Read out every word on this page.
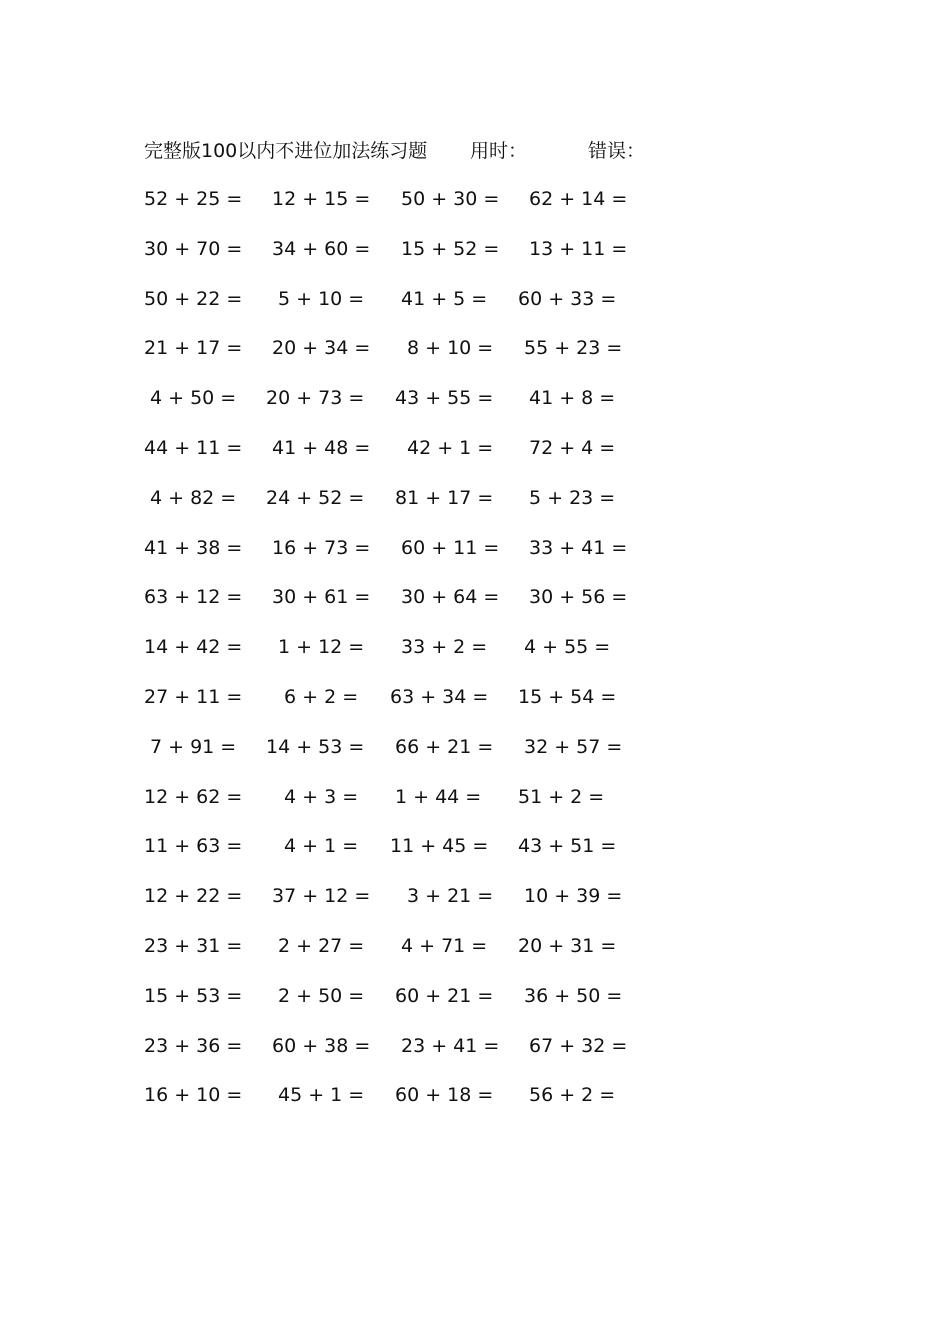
完整版100以内不进位加法练习题 用时：	错误：
52 + 25 = 12 + 15 = 50 + 30 = 62 + 14 =
30 + 70 = 34 + 60 = 15 + 52 = 13 + 11 =
50 + 22 = 5 + 10 = 41 + 5 = 60 + 33 =
21 + 17 = 20 + 34 = 8 + 10 = 55 + 23 =
4 + 50 = 20 + 73 = 43 + 55 = 41 + 8 =
44 + 11 = 41 + 48 = 42 + 1 = 72 + 4 =
4 + 82 = 24 + 52 = 81 + 17 = 5 + 23 =
41 + 38 = 16 + 73 = 60 + 11 = 33 + 41 =
63 + 12 = 30 + 61 = 30 + 64 = 30 + 56 =
14 + 42 = 1 + 12 = 33 + 2 = 4 + 55 =
27 + 11 = 6 + 2 = 63 + 34 = 15 + 54 =
7 + 91 = 14 + 53 = 66 + 21 = 32 + 57 =
12 + 62 = 4 + 3 = 1 + 44 = 51 + 2 =
11 + 63 = 4 + 1 = 11 + 45 = 43 + 51 =
12 + 22 = 37 + 12 = 3 + 21 = 10 + 39 =
23 + 31 = 2 + 27 = 4 + 71 = 20 + 31 =
15 + 53 = 2 + 50 = 60 + 21 = 36 + 50 =
23 + 36 = 60 + 38 = 23 + 41 = 67 + 32 =
16 + 10 = 45 + 1 = 60 + 18 = 56 + 2 =
